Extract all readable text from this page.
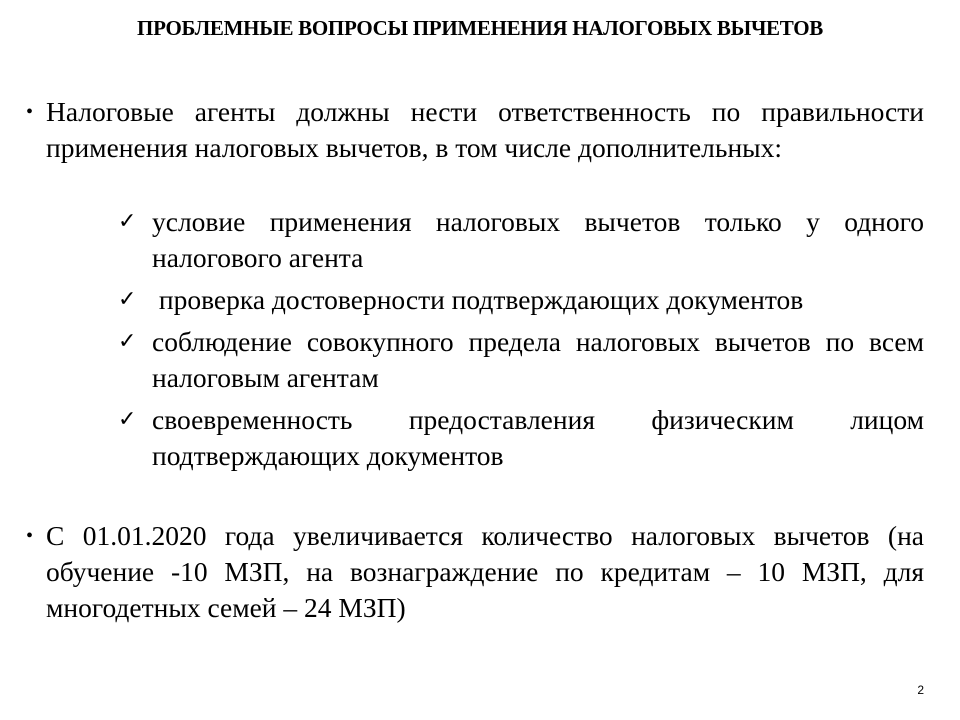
ПРОБЛЕМНЫЕ ВОПРОСЫ ПРИМЕНЕНИЯ НАЛОГОВЫХ ВЫЧЕТОВ
• Налоговые агенты должны нести ответственность по правильности применения налоговых вычетов, в том числе дополнительных:
✓ условие применения налоговых вычетов только у одного налогового агента
✓ проверка достоверности подтверждающих документов
✓ соблюдение совокупного предела налоговых вычетов по всем налоговым агентам
✓ своевременность предоставления физическим лицом подтверждающих документов
• С 01.01.2020 года увеличивается количество налоговых вычетов (на обучение -10 МЗП, на вознаграждение по кредитам – 10 МЗП, для многодетных семей – 24 МЗП)
2
